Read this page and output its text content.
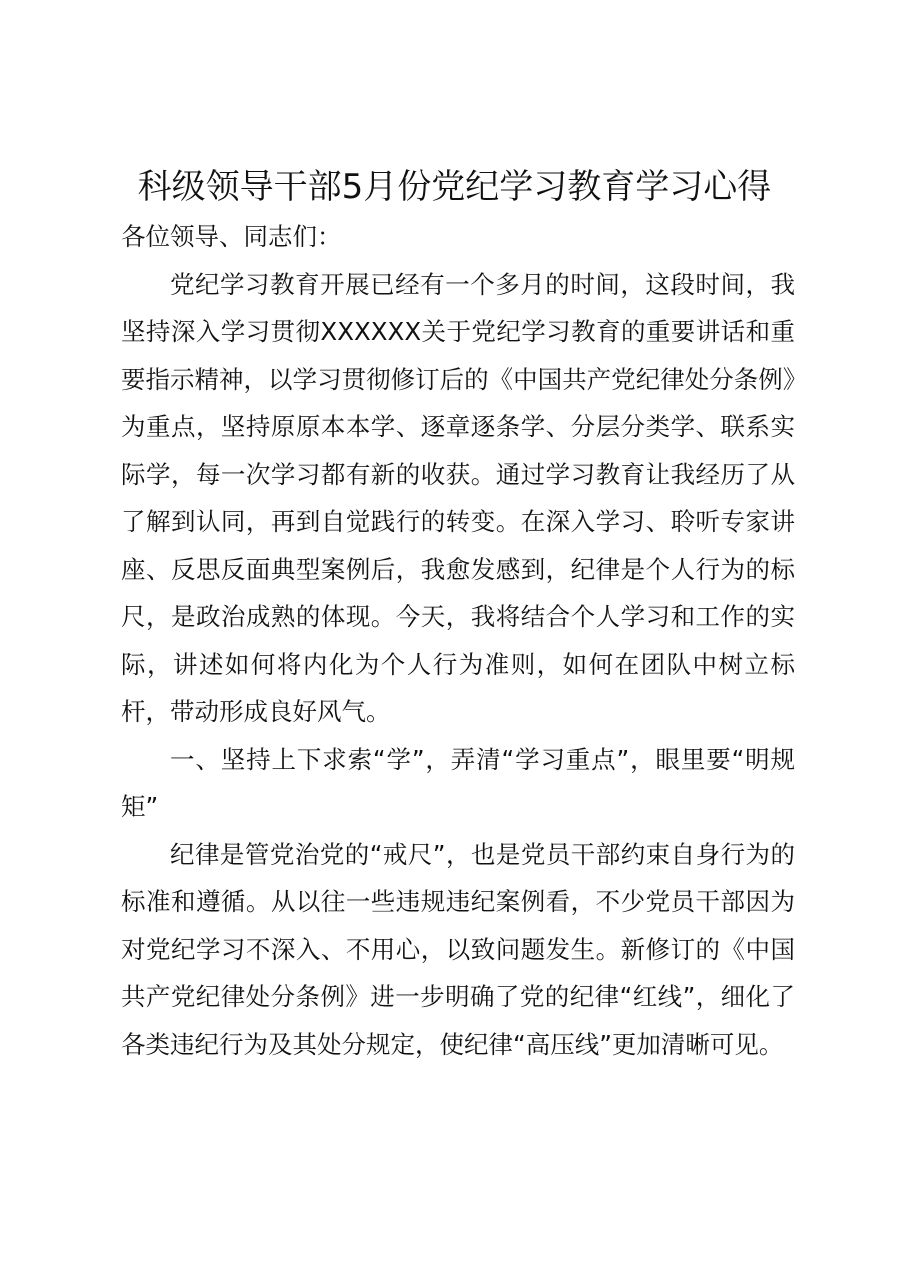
科级领导干部5月份党纪学习教育学习心得

各位领导、同志们：

党纪学习教育开展已经有一个多月的时间，这段时间，我坚持深入学习贯彻XXXXXX关于党纪学习教育的重要讲话和重要指示精神，以学习贯彻修订后的《中国共产党纪律处分条例》为重点，坚持原原本本学、逐章逐条学、分层分类学、联系实际学，每一次学习都有新的收获。通过学习教育让我经历了从了解到认同，再到自觉践行的转变。在深入学习、聆听专家讲座、反思反面典型案例后，我愈发感到，纪律是个人行为的标尺，是政治成熟的体现。今天，我将结合个人学习和工作的实际，讲述如何将内化为个人行为准则，如何在团队中树立标杆，带动形成良好风气。

一、坚持上下求索“学”，弄清“学习重点”，眼里要“明规矩”

纪律是管党治党的“戒尺”，也是党员干部约束自身行为的标准和遵循。从以往一些违规违纪案例看，不少党员干部因为对党纪学习不深入、不用心，以致问题发生。新修订的《中国共产党纪律处分条例》进一步明确了党的纪律“红线”，细化了各类违纪行为及其处分规定，使纪律“高压线”更加清晰可见。
